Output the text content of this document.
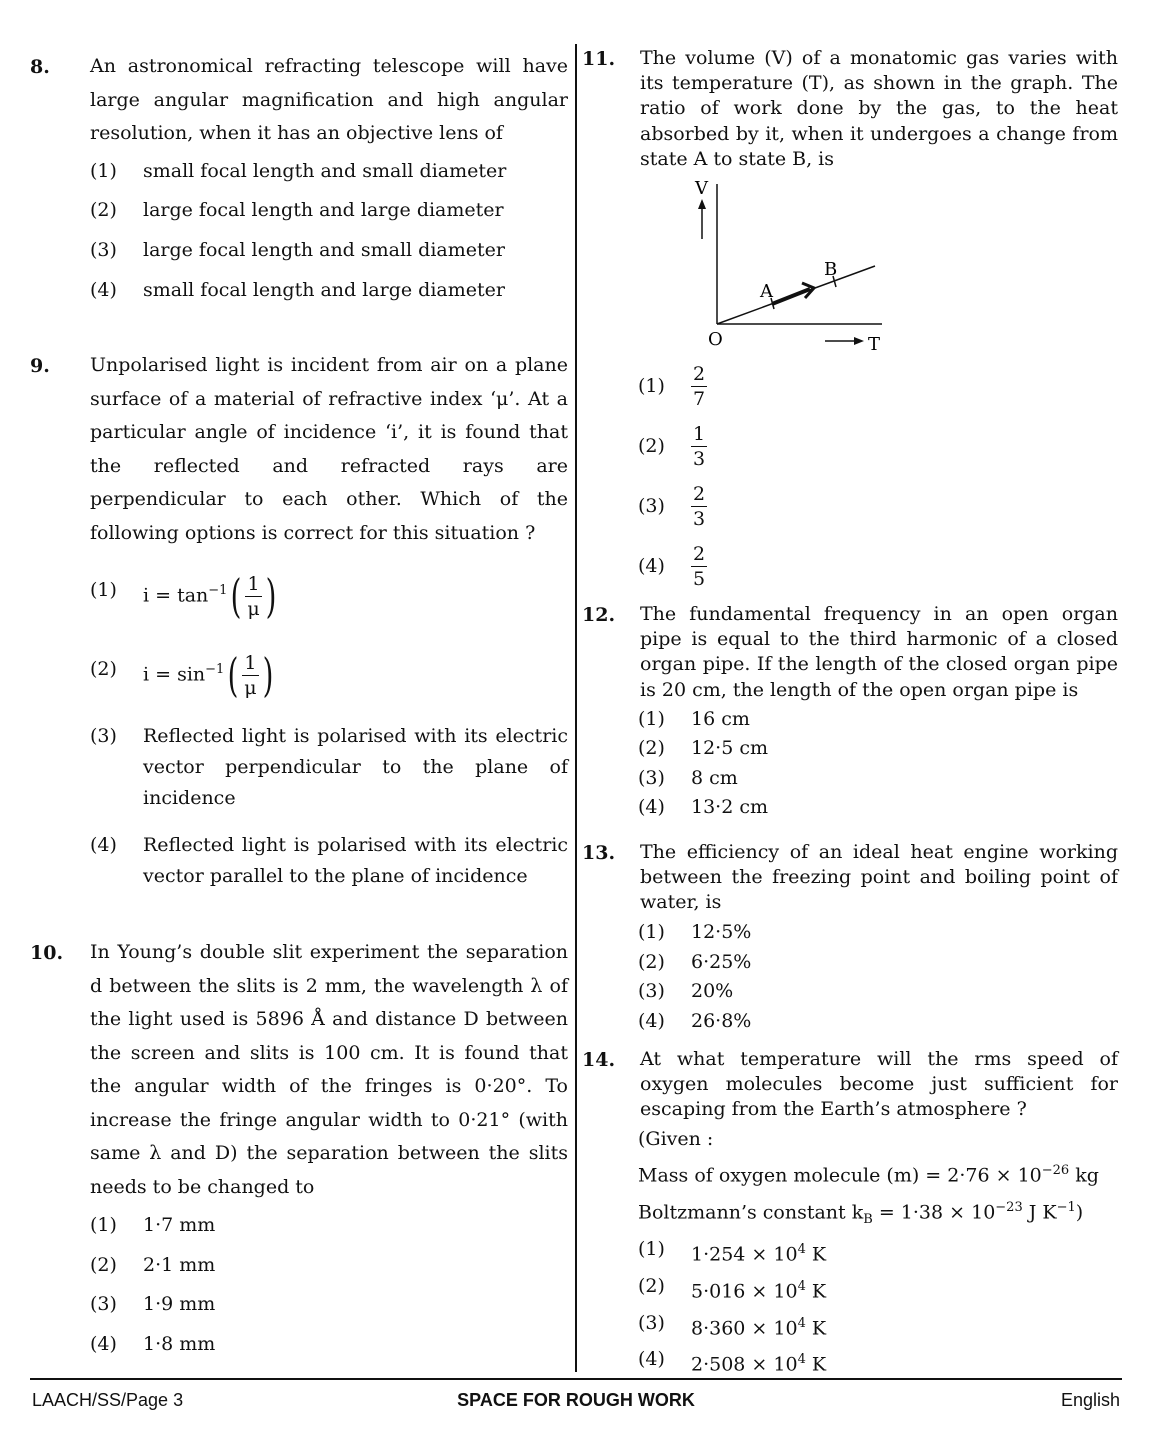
8. An astronomical refracting telescope will have large angular magnification and high angular resolution, when it has an objective lens of
(1) small focal length and small diameter
(2) large focal length and large diameter
(3) large focal length and small diameter
(4) small focal length and large diameter
9. Unpolarised light is incident from air on a plane surface of a material of refractive index ‘μ’. At a particular angle of incidence ‘i’, it is found that the reflected and refracted rays are perpendicular to each other. Which of the following options is correct for this situation ?
(1) $i = \tan^{-1}( \frac{1}{\mu}$ )
(2) $i = \sin^{-1}( \frac{1}{\mu}$ )
(3) Reflected light is polarised with its electric vector perpendicular to the plane of incidence
(4) Reflected light is polarised with its electric vector parallel to the plane of incidence
10. In Young’s double slit experiment the separation d between the slits is 2 mm, the wavelength λ of the light used is 5896 Å and distance D between the screen and slits is 100 cm. It is found that the angular width of the fringes is 0·20°. To increase the fringe angular width to 0·21° (with same λ and D) the separation between the slits needs to be changed to
(1) 1·7 mm
(2) 2·1 mm
(3) 1·9 mm
(4) 1·8 mm
11. The volume (V) of a monatomic gas varies with its temperature (T), as shown in the graph. The ratio of work done by the gas, to the heat absorbed by it, when it undergoes a change from state A to state B, is
V
T
O
A
B
$(1) \frac{2}{7}$
$(2) \frac{1}{3}$
$(3) \frac{2}{3}$
$(4) \frac{2}{5}$
12. The fundamental frequency in an open organ pipe is equal to the third harmonic of a closed organ pipe. If the length of the closed organ pipe is 20 cm, the length of the open organ pipe is
(1) 16 cm
(2) 12·5 cm
(3) 8 cm
(4) 13·2 cm
13. The efficiency of an ideal heat engine working between the freezing point and boiling point of water, is
(1) 12·5%
(2) 6·25%
(3) 20%
(4) 26·8%
14. At what temperature will the rms speed of oxygen molecules become just sufficient for escaping from the Earth’s atmosphere ?
(Given :
Mass of oxygen molecule $(m) = 2\cdot 76 \times 10^{-26}$ kg
Boltzmann’s constant $k_B = 1\cdot 38 \times 10^{-23}$ J $K^{-1}$)
(1) $1\cdot 254 \times 10^4$ K
(2) $5\cdot 016 \times 10^4$ K
(3) $8\cdot 360 \times 10^4$ K
(4) $2\cdot 508 \times 10^4$ K
SPACE FOR ROUGH WORK
LAACH/SS/Page 3	English
